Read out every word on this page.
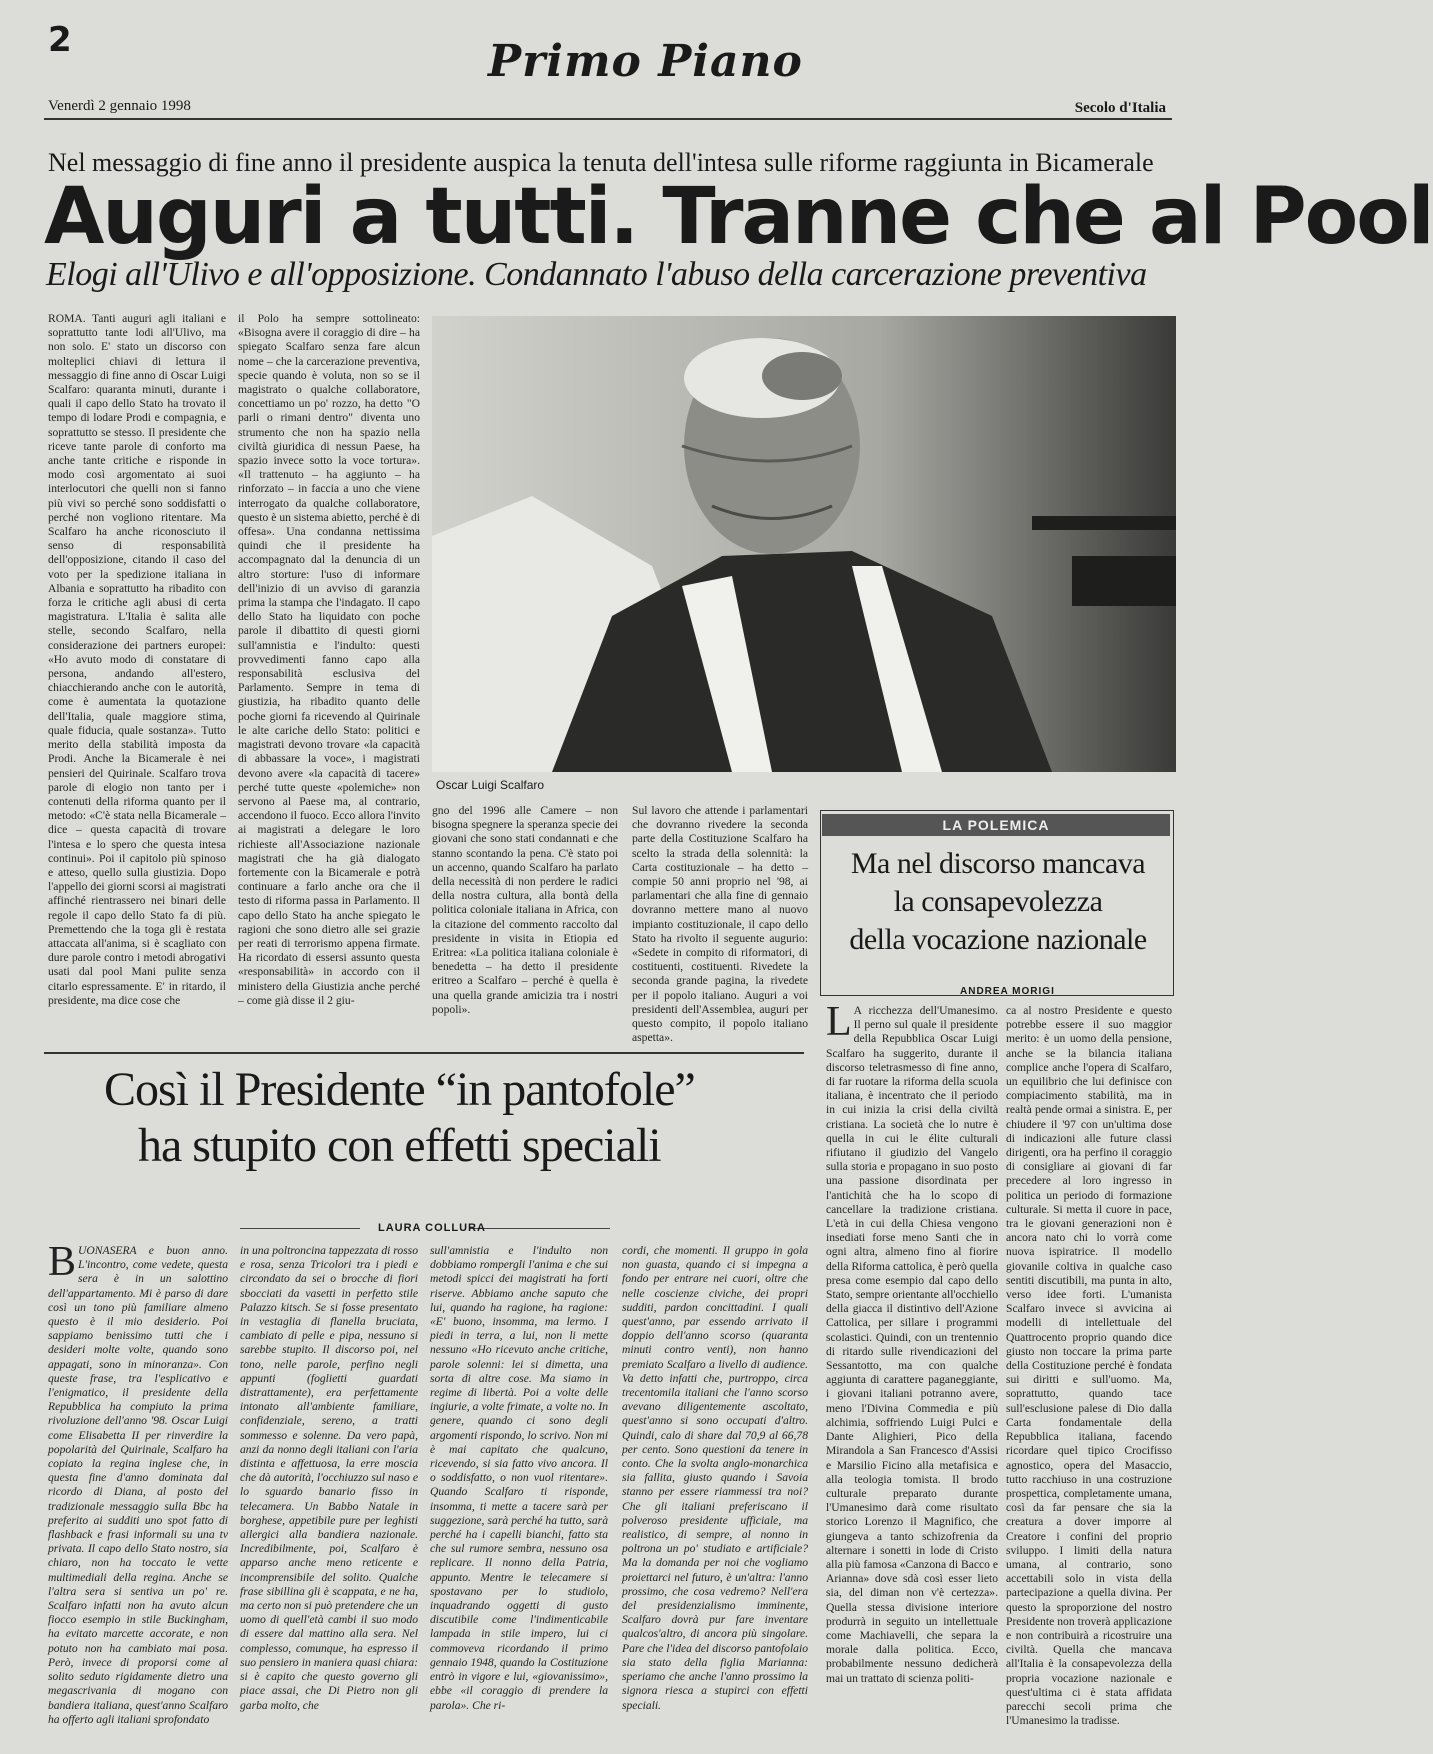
2	Primo Piano
Venerdì 2 gennaio 1998	Secolo d'Italia
Nel messaggio di fine anno il presidente auspica la tenuta dell'intesa sulle riforme raggiunta in Bicamerale
Auguri a tutti. Tranne che al Pool
Elogi all'Ulivo e all'opposizione. Condannato l'abuso della carcerazione preventiva

ROMA. Tanti auguri agli italiani e soprattutto tante lodi all'Ulivo, ma non solo. E' stato un discorso con molteplici chiavi di lettura il messaggio di fine anno di Oscar Luigi Scalfaro: quaranta minuti, durante i quali il capo dello Stato ha trovato il tempo di lodare Prodi e compagnia, e soprattutto se stesso. Il presidente che riceve tante parole di conforto ma anche tante critiche e risponde in modo così argomentato ai suoi interlocutori che quelli non si fanno più vivi so perché sono soddisfatti o perché non vogliono ritentare. Ma Scalfaro ha anche riconosciuto il senso di responsabilità dell'opposizione, citando il caso del voto per la spedizione italiana in Albania e soprattutto ha ribadito con forza le critiche agli abusi di certa magistratura. L'Italia è salita alle stelle, secondo Scalfaro, nella considerazione dei partners europei: «Ho avuto modo di constatare di persona, andando all'estero, chiacchierando anche con le autorità, come è aumentata la quotazione dell'Italia, quale maggiore stima, quale fiducia, quale sostanza». Tutto merito della stabilità imposta da Prodi. Anche la Bicamerale è nei pensieri del Quirinale. Scalfaro trova parole di elogio non tanto per i contenuti della riforma quanto per il metodo: «C'è stata nella Bicamerale – dice – questa capacità di trovare l'intesa e lo spero che questa intesa continui». Poi il capitolo più spinoso e atteso, quello sulla giustizia. Dopo l'appello dei giorni scorsi ai magistrati affinché rientrassero nei binari delle regole il capo dello Stato fa di più. Premettendo che la toga gli è restata attaccata all'anima, si è scagliato con dure parole contro i metodi abrogativi usati dal pool Mani pulite senza citarlo espressamente. E' in ritardo, il presidente, ma dice cose che

il Polo ha sempre sottolineato: «Bisogna avere il coraggio di dire – ha spiegato Scalfaro senza fare alcun nome – che la carcerazione preventiva, specie quando è voluta, non so se il magistrato o qualche collaboratore, concettiamo un po' rozzo, ha detto "O parli o rimani dentro" diventa uno strumento che non ha spazio nella civiltà giuridica di nessun Paese, ha spazio invece sotto la voce tortura». «Il trattenuto – ha aggiunto – ha rinforzato – in faccia a uno che viene interrogato da qualche collaboratore, questo è un sistema abietto, perché è di offesa». Una condanna nettissima quindi che il presidente ha accompagnato dal la denuncia di un altro storture: l'uso di informare dell'inizio di un avviso di garanzia prima la stampa che l'indagato. Il capo dello Stato ha liquidato con poche parole il dibattito di questi giorni sull'amnistia e l'indulto: questi provvedimenti fanno capo alla responsabilità esclusiva del Parlamento. Sempre in tema di giustizia, ha ribadito quanto delle poche giorni fa ricevendo al Quirinale le alte cariche dello Stato: politici e magistrati devono trovare «la capacità di abbassare la voce», i magistrati devono avere «la capacità di tacere» perché tutte queste «polemiche» non servono al Paese ma, al contrario, accendono il fuoco. Ecco allora l'invito ai magistrati a delegare le loro richieste all'Associazione nazionale magistrati che ha già dialogato fortemente con la Bicamerale e potrà continuare a farlo anche ora che il testo di riforma passa in Parlamento. Il capo dello Stato ha anche spiegato le ragioni che sono dietro alle sei grazie per reati di terrorismo appena firmate. Ha ricordato di essersi assunto questa «responsabilità» in accordo con il ministero della Giustizia anche perché – come già disse il 2 giu-

Oscar Luigi Scalfaro

gno del 1996 alle Camere – non bisogna spegnere la speranza specie dei giovani che sono stati condannati e che stanno scontando la pena. C'è stato poi un accenno, quando Scalfaro ha parlato della necessità di non perdere le radici della nostra cultura, alla bontà della politica coloniale italiana in Africa, con la citazione del commento raccolto dal presidente in visita in Etiopia ed Eritrea: «La politica italiana coloniale è benedetta – ha detto il presidente eritreo a Scalfaro – perché è quella è una quella grande amicizia tra i nostri popoli».

Sul lavoro che attende i parlamentari che dovranno rivedere la seconda parte della Costituzione Scalfaro ha scelto la strada della solennità: la Carta costituzionale – ha detto – compie 50 anni proprio nel '98, ai parlamentari che alla fine di gennaio dovranno mettere mano al nuovo impianto costituzionale, il capo dello Stato ha rivolto il seguente augurio: «Sedete in compito di riformatori, di costituenti, costituenti. Rivedete la seconda grande pagina, la rivedete per il popolo italiano. Auguri a voi presidenti dell'Assemblea, auguri per questo compito, il popolo italiano aspetta».

LA POLEMICA
Ma nel discorso mancava
la consapevolezza
della vocazione nazionale
ANDREA MORIGI

L A ricchezza dell'Umanesimo. Il perno sul quale il presidente della Repubblica Oscar Luigi Scalfaro ha suggerito, durante il discorso teletrasmesso di fine anno, di far ruotare la riforma della scuola italiana, è incentrato che il periodo in cui inizia la crisi della civiltà cristiana. La società che lo nutre è quella in cui le élite culturali rifiutano il giudizio del Vangelo sulla storia e propagano in suo posto una passione disordinata per l'antichità che ha lo scopo di cancellare la tradizione cristiana. L'età in cui della Chiesa vengono insediati forse meno Santi che in ogni altra, almeno fino al fiorire della Riforma cattolica, è però quella presa come esempio dal capo dello Stato, sempre orientante all'occhiello della giacca il distintivo dell'Azione Cattolica, per sillare i programmi scolastici. Quindi, con un trentennio di ritardo sulle rivendicazioni del Sessantotto, ma con qualche aggiunta di carattere paganeggiante, i giovani italiani potranno avere, meno l'Divina Commedia e più alchimia, soffriendo Luigi Pulci e Dante Alighieri, Pico della Mirandola a San Francesco d'Assisi e Marsilio Ficino alla metafisica e alla teologia tomista. Il brodo culturale preparato durante l'Umanesimo darà come risultato storico Lorenzo il Magnifico, che giungeva a tanto schizofrenia da alternare i sonetti in lode di Cristo alla più famosa «Canzona di Bacco e Arianna» dove sdà così esser lieto sia, del diman non v'è certezza». Quella stessa divisione interiore produrrà in seguito un intellettuale come Machiavelli, che separa la morale dalla politica. Ecco, probabilmente nessuno dedicherà mai un trattato di scienza politi-

ca al nostro Presidente e questo potrebbe essere il suo maggior merito: è un uomo della pensione, anche se la bilancia italiana complice anche l'opera di Scalfaro, un equilibrio che lui definisce con compiacimento stabilità, ma in realtà pende ormai a sinistra. E, per chiudere il '97 con un'ultima dose di indicazioni alle future classi dirigenti, ora ha perfino il coraggio di consigliare ai giovani di far precedere al loro ingresso in politica un periodo di formazione culturale. Si metta il cuore in pace, tra le giovani generazioni non è ancora nato chi lo vorrà come nuova ispiratrice. Il modello giovanile coltiva in qualche caso sentiti discutibili, ma punta in alto, verso idee forti. L'umanista Scalfaro invece si avvicina ai modelli di intellettuale del Quattrocento proprio quando dice giusto non toccare la prima parte della Costituzione perché è fondata sui diritti e sull'uomo. Ma, soprattutto, quando tace sull'esclusione palese di Dio dalla Carta fondamentale della Repubblica italiana, facendo ricordare quel tipico Crocifisso agnostico, opera del Masaccio, tutto racchiuso in una costruzione prospettica, completamente umana, così da far pensare che sia la creatura a dover imporre al Creatore i confini del proprio sviluppo. I limiti della natura umana, al contrario, sono accettabili solo in vista della partecipazione a quella divina. Per questo la sproporzione del nostro Presidente non troverà applicazione e non contribuirà a ricostruire una civiltà. Quella che mancava all'Italia è la consapevolezza della propria vocazione nazionale e quest'ultima ci è stata affidata parecchi secoli prima che l'Umanesimo la tradisse.

Così il Presidente “in pantofole”
ha stupito con effetti speciali
LAURA COLLURA

BUONASERA e buon anno. L'incontro, come vedete, questa sera è in un salottino dell'appartamento. Mi è parso di dare così un tono più familiare almeno questo è il mio desiderio. Poi sappiamo benissimo tutti che i desideri molte volte, quando sono appagati, sono in minoranza». Con queste frase, tra l'esplicativo e l'enigmatico, il presidente della Repubblica ha compiuto la prima rivoluzione dell'anno '98. Oscar Luigi come Elisabetta II per rinverdire la popolarità del Quirinale, Scalfaro ha copiato la regina inglese che, in questa fine d'anno dominata dal ricordo di Diana, al posto del tradizionale messaggio sulla Bbc ha preferito ai sudditi uno spot fatto di flashback e frasi informali su una tv privata. Il capo dello Stato nostro, sia chiaro, non ha toccato le vette multimediali della regina. Anche se l'altra sera si sentiva un po' re. Scalfaro infatti non ha avuto alcun fiocco esempio in stile Buckingham, ha evitato marcette accorate, e non potuto non ha cambiato mai posa. Però, invece di proporsi come al solito seduto rigidamente dietro una megascrivania di mogano con bandiera italiana, quest'anno Scalfaro ha offerto agli italiani sprofondato

in una poltroncina tappezzata di rosso e rosa, senza Tricolori tra i piedi e circondato da sei o brocche di fiori sbocciati da vasetti in perfetto stile Palazzo kitsch. Se si fosse presentato in vestaglia di flanella bruciata, cambiato di pelle e pipa, nessuno si sarebbe stupito. Il discorso poi, nel tono, nelle parole, perfino negli appunti (foglietti guardati distrattamente), era perfettamente intonato all'ambiente familiare, confidenziale, sereno, a tratti sommesso e solenne. Da vero papà, anzi da nonno degli italiani con l'aria distinta e affettuosa, la erre moscia che dà autorità, l'occhiuzzo sul naso e lo sguardo banario fisso in telecamera. Un Babbo Natale in borghese, appetibile pure per leghisti allergici alla bandiera nazionale. Incredibilmente, poi, Scalfaro è apparso anche meno reticente e incomprensibile del solito. Qualche frase sibillina gli è scappata, e ne ha, ma certo non si può pretendere che un uomo di quell'età cambi il suo modo di essere dal mattino alla sera. Nel complesso, comunque, ha espresso il suo pensiero in maniera quasi chiara: si è capito che questo governo gli piace assai, che Di Pietro non gli garba molto, che

sull'amnistia e l'indulto non dobbiamo rompergli l'anima e che sui metodi spicci dei magistrati ha forti riserve. Abbiamo anche saputo che lui, quando ha ragione, ha ragione: «E' buono, insomma, ma lermo. I piedi in terra, a lui, non li mette nessuno «Ho ricevuto anche critiche, parole solenni: lei si dimetta, una sorta di altre cose. Ma siamo in regime di libertà. Poi a volte delle ingiurie, a volte frimate, a volte no. In genere, quando ci sono degli argomenti rispondo, lo scrivo. Non mi è mai capitato che qualcuno, ricevendo, si sia fatto vivo ancora. Il o soddisfatto, o non vuol ritentare». Quando Scalfaro ti risponde, insomma, ti mette a tacere sarà per suggezione, sarà perché ha tutto, sarà perché ha i capelli bianchi, fatto sta che sul rumore sembra, nessuno osa replicare. Il nonno della Patria, appunto. Mentre le telecamere si spostavano per lo studiolo, inquadrando oggetti di gusto discutibile come l'indimenticabile lampada in stile impero, lui ci commoveva ricordando il primo gennaio 1948, quando la Costituzione entrò in vigore e lui, «giovanissimo», ebbe «il coraggio di prendere la parola». Che ri-

cordi, che momenti. Il gruppo in gola non guasta, quando ci si impegna a fondo per entrare nei cuori, oltre che nelle coscienze civiche, dei propri sudditi, pardon concittadini. I quali quest'anno, par essendo arrivato il doppio dell'anno scorso (quaranta minuti contro venti), non hanno premiato Scalfaro a livello di audience. Va detto infatti che, purtroppo, circa trecentomila italiani che l'anno scorso avevano diligentemente ascoltato, quest'anno si sono occupati d'altro. Quindi, calo di share dal 70,9 al 66,78 per cento. Sono questioni da tenere in conto. Che la svolta anglo-monarchica sia fallita, giusto quando i Savoia stanno per essere riammessi tra noi? Che gli italiani preferiscano il polveroso presidente ufficiale, ma realistico, di sempre, al nonno in poltrona un po' studiato e artificiale? Ma la domanda per noi che vogliamo proiettarci nel futuro, è un'altra: l'anno prossimo, che cosa vedremo? Nell'era del presidenzialismo imminente, Scalfaro dovrà pur fare inventare qualcos'altro, di ancora più singolare. Pare che l'idea del discorso pantofolaio sia stato della figlia Marianna: speriamo che anche l'anno prossimo la signora riesca a stupirci con effetti speciali.
